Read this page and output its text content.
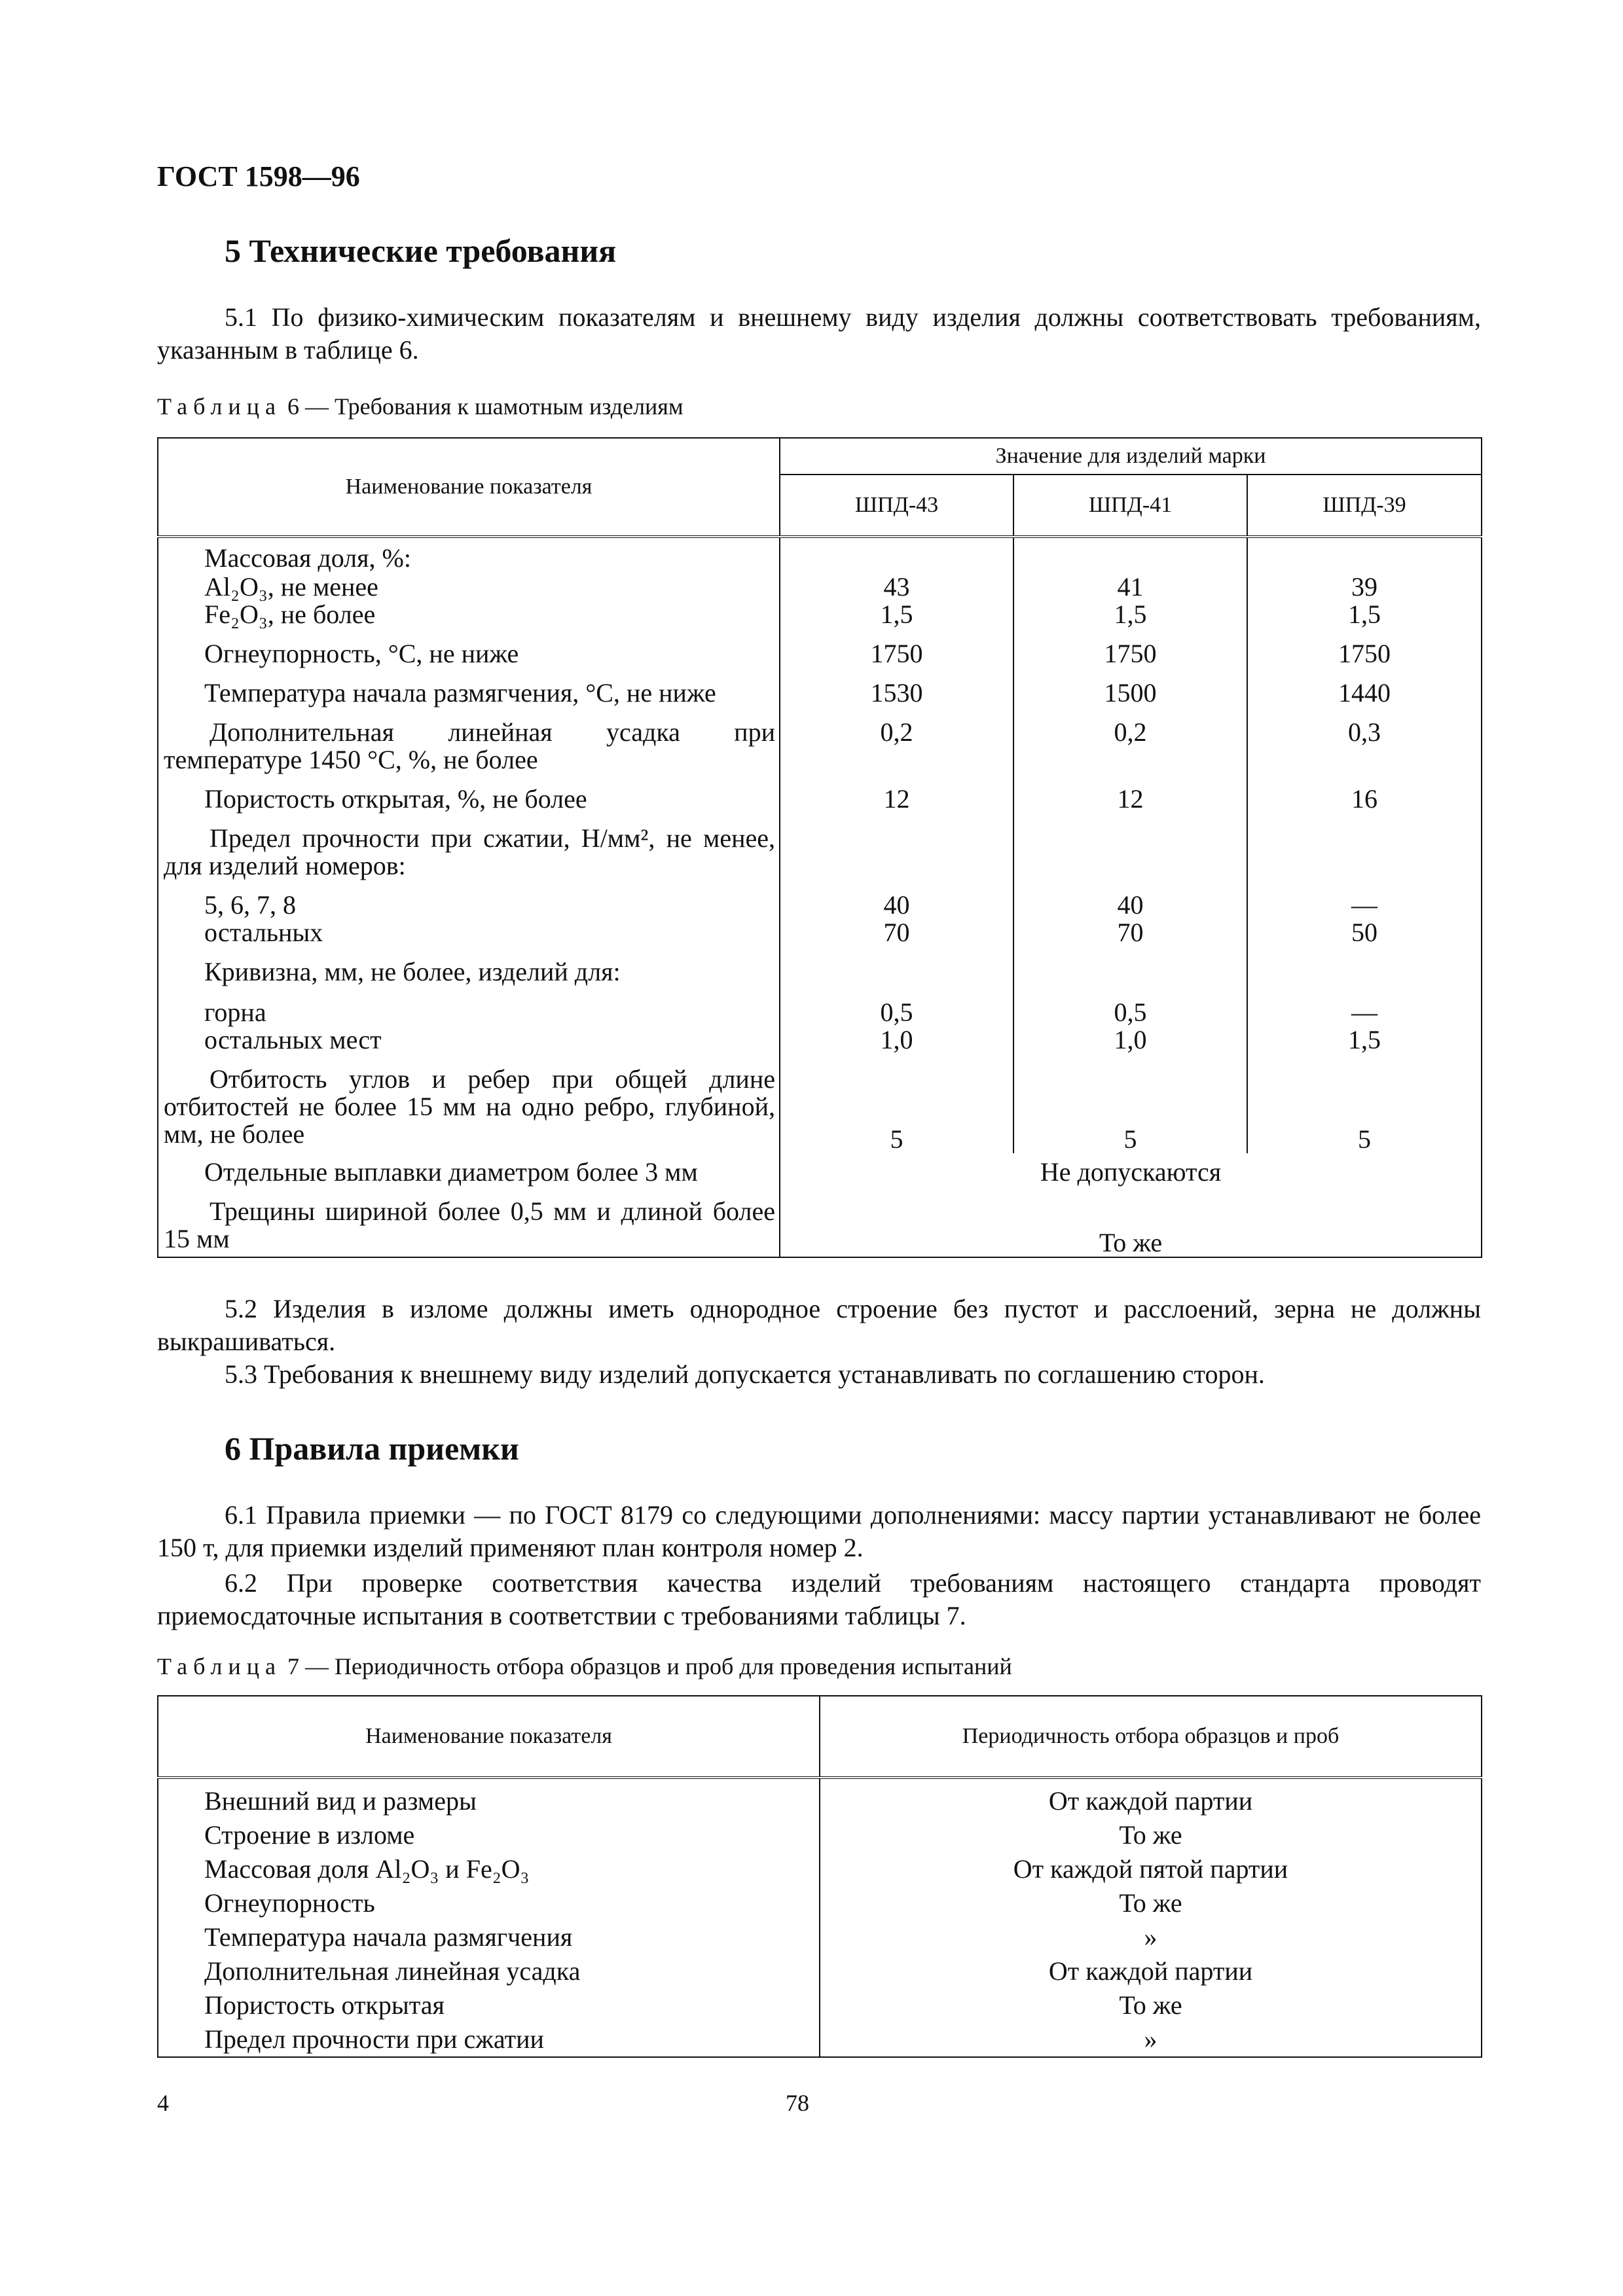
ГОСТ 1598—96
5 Технические требования
5.1 По физико-химическим показателям и внешнему виду изделия должны соответствовать требованиям, указанным в таблице 6.
Таблица 6 — Требования к шамотным изделиям
Наименование показателя	Значение для изделий марки		
	ШПД-43	ШПД-41	ШПД-39

Массовая доля, %:			
Al₂O₃, не менее	43	41	39
Fe₂O₃, не более	1,5	1,5	1,5
Огнеупорность, °С, не ниже	1750	1750	1750
Температура начала размягчения, °С, не ниже	1530	1500	1440
Дополнительная линейная усадка при температуре 1450 °С, %, не более	0,2	0,2	0,3
Пористость открытая, %, не более	12	12	16
Предел прочности при сжатии, Н/мм², не менее, для изделий номеров:			
5, 6, 7, 8	40	40	—
остальных	70	70	50
Кривизна, мм, не более, изделий для:			
горна	0,5	0,5	—
остальных мест	1,0	1,0	1,5
Отбитость углов и ребер при общей длине отбитостей не более 15 мм на одно ребро, глубиной, мм, не более	5	5	5
Отдельные выплавки диаметром более 3 мм	Не допускаются		
Трещины шириной более 0,5 мм и длиной более 15 мм	То же		
5.2 Изделия в изломе должны иметь однородное строение без пустот и расслоений, зерна не должны выкрашиваться.
5.3 Требования к внешнему виду изделий допускается устанавливать по соглашению сторон.
6 Правила приемки
6.1 Правила приемки — по ГОСТ 8179 со следующими дополнениями: массу партии устанавливают не более 150 т, для приемки изделий применяют план контроля номер 2.
6.2 При проверке соответствия качества изделий требованиям настоящего стандарта проводят приемосдаточные испытания в соответствии с требованиями таблицы 7.
Таблица 7 — Периодичность отбора образцов и проб для проведения испытаний
Наименование показателя	Периодичность отбора образцов и проб

Внешний вид и размеры	От каждой партии
Строение в изломе	То же
Массовая доля Al₂O₃ и Fe₂O₃	От каждой пятой партии
Огнеупорность	То же
Температура начала размягчения	»
Дополнительная линейная усадка	От каждой партии
Пористость открытая	То же
Предел прочности при сжатии	»
4	78
